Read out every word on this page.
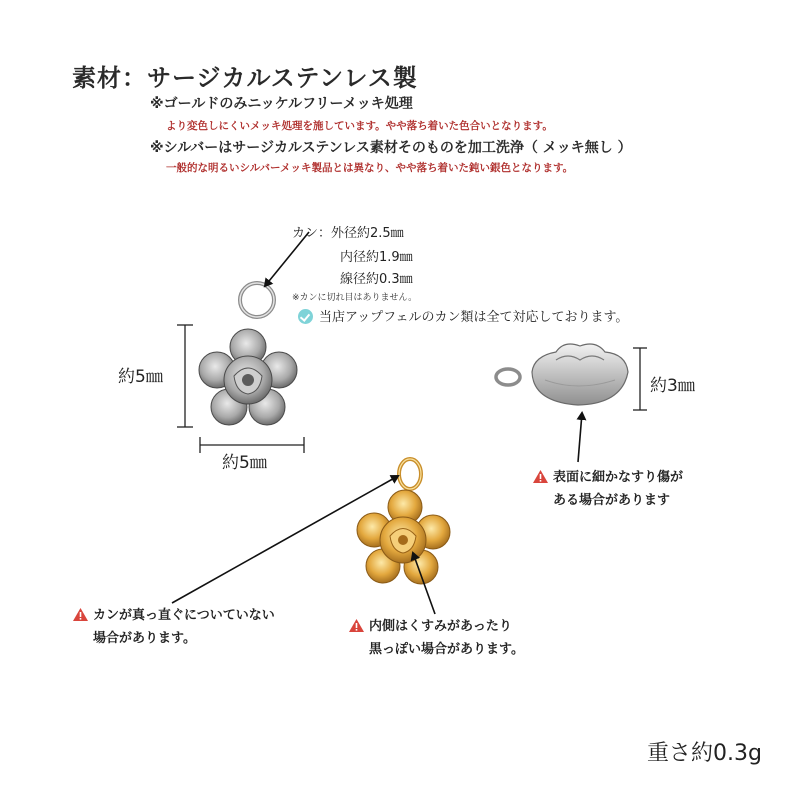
素材：サージカルステンレス製
※ゴールドのみニッケルフリーメッキ処理
より変色しにくいメッキ処理を施しています。やや落ち着いた色合いとなります。
※シルバーはサージカルステンレス素材そのものを加工洗浄（ メッキ無し ）
一般的な明るいシルバーメッキ製品とは異なり、やや落ち着いた鈍い銀色となります。
カン：外径約2.5㎜
内径約1.9㎜
線径約0.3㎜
※カンに切れ目はありません。
当店アップフェルのカン類は全て対応しております。
約5㎜
約5㎜
約3㎜
表面に細かなすり傷が
ある場合があります
カンが真っ直ぐについていない
場合があります。
内側はくすみがあったり
黒っぽい場合があります。
重さ約0.3g
